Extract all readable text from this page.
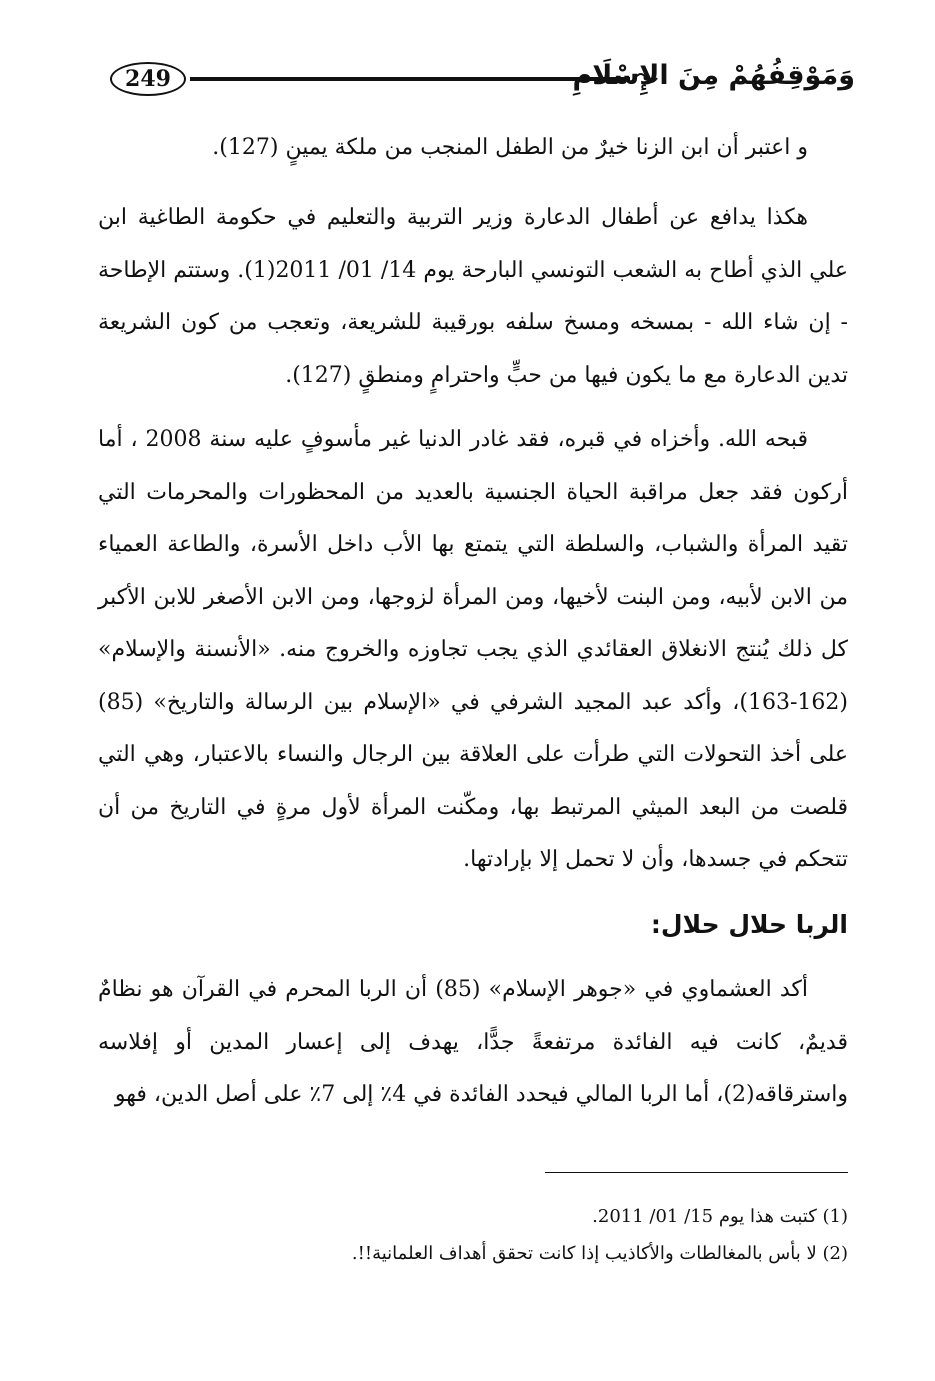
249	وَمَوْقِفُهُمْ مِنَ الإِسْلَامِ

و اعتبر أن ابن الزنا خيرٌ من الطفل المنجب من ملكة يمينٍ (127).

هكذا يدافع عن أطفال الدعارة وزير التربية والتعليم في حكومة الطاغية ابن علي الذي أطاح به الشعب التونسي البارحة يوم 14/ 01/ 2011(1). وستتم الإطاحة - إن شاء الله - بمسخه ومسخ سلفه بورقيبة للشريعة، وتعجب من كون الشريعة تدين الدعارة مع ما يكون فيها من حبٍّ واحترامٍ ومنطقٍ (127).

قبحه الله. وأخزاه في قبره، فقد غادر الدنيا غير مأسوفٍ عليه سنة 2008 ، أما أركون فقد جعل مراقبة الحياة الجنسية بالعديد من المحظورات والمحرمات التي تقيد المرأة والشباب، والسلطة التي يتمتع بها الأب داخل الأسرة، والطاعة العمياء من الابن لأبيه، ومن البنت لأخيها، ومن المرأة لزوجها، ومن الابن الأصغر للابن الأكبر كل ذلك يُنتج الانغلاق العقائدي الذي يجب تجاوزه والخروج منه. «الأنسنة والإسلام» (162-163)، وأكد عبد المجيد الشرفي في «الإسلام بين الرسالة والتاريخ» (85) على أخذ التحولات التي طرأت على العلاقة بين الرجال والنساء بالاعتبار، وهي التي قلصت من البعد الميثي المرتبط بها، ومكّنت المرأة لأول مرةٍ في التاريخ من أن تتحكم في جسدها، وأن لا تحمل إلا بإرادتها.

الربا حلال حلال:

أكد العشماوي في «جوهر الإسلام» (85) أن الربا المحرم في القرآن هو نظامٌ قديمٌ، كانت فيه الفائدة مرتفعةً جدًّا، يهدف إلى إعسار المدين أو إفلاسه واسترقاقه(2)، أما الربا المالي فيحدد الفائدة في 4٪ إلى 7٪ على أصل الدين، فهو

(1) كتبت هذا يوم 15/ 01/ 2011.

(2) لا بأس بالمغالطات والأكاذيب إذا كانت تحقق أهداف العلمانية!!.
